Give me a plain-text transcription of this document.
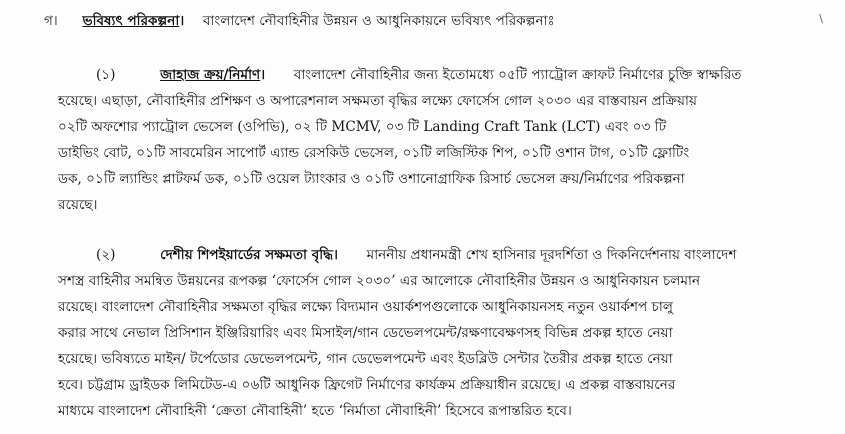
\
গ। ভবিষ্যৎ পরিকল্পনা। বাংলাদেশ নৌবাহিনীর উন্নয়ন ও আধুনিকায়নে ভবিষ্যৎ পরিকল্পনাঃ
(১)	জাহাজ ক্রয়/নির্মাণ। বাংলাদেশ নৌবাহিনীর জন্য ইতোমধ্যে ০৫টি প্যাট্রোল ক্রাফট নির্মাণের চুক্তি স্বাক্ষরিত
হয়েছে। এছাড়া, নৌবাহিনীর প্রশিক্ষণ ও অপারেশনাল সক্ষমতা বৃদ্ধির লক্ষ্যে ফোর্সেস গোল ২০৩০ এর বাস্তবায়ন প্রক্রিয়ায়
০২টি অফশোর প্যাট্রোল ভেসেল (ওপিভি), ০২ টি MCMV, ০৩ টি Landing Craft Tank (LCT) এবং ০৩ টি
ডাইভিং বোট, ০১টি সাবমেরিন সাপোর্ট এ্যান্ড রেসকিউ ভেসেল, ০১টি লজিস্টিক শিপ, ০১টি ওশান টাগ, ০১টি ফ্লোটিং
ডক, ০১টি ল্যান্ডিং প্লাটফর্ম ডক, ০১টি ওয়েল ট্যাংকার ও ০১টি ওশানোগ্রাফিক রিসার্চ ভেসেল ক্রয়/নির্মাণের পরিকল্পনা
রয়েছে।
(২)	দেশীয় শিপইয়ার্ডের সক্ষমতা বৃদ্ধি। মাননীয় প্রধানমন্ত্রী শেখ হাসিনার দূরদর্শিতা ও দিকনির্দেশনায় বাংলাদেশ
সশস্ত্র বাহিনীর সমন্বিত উন্নয়নের রূপকল্প ‘ফোর্সেস গোল ২০৩০’ এর আলোকে নৌবাহিনীর উন্নয়ন ও আধুনিকায়ন চলমান
রয়েছে। বাংলাদেশ নৌবাহিনীর সক্ষমতা বৃদ্ধির লক্ষ্যে বিদ্যমান ওয়ার্কশপগুলোকে আধুনিকায়নসহ নতুন ওয়ার্কশপ চালু
করার সাথে নেভাল প্রিসিশান ইঞ্জিরিয়ারিং এবং মিসাইল/গান ডেভেলপমেন্ট/রক্ষণাবেক্ষণসহ বিভিন্ন প্রকল্প হাতে নেয়া
হয়েছে। ভবিষ্যতে মাইন/ টর্পেডোর ডেভেলপমেন্ট, গান ডেভেলপমেন্ট এবং ইডব্লিউ সেন্টার তৈরীর প্রকল্প হাতে নেয়া
হবে। চট্টগ্রাম ড্রাইডক লিমিটেড-এ ০৬টি আধুনিক ফ্রিগেট নির্মাণের কার্যক্রম প্রক্রিয়াধীন রয়েছে। এ প্রকল্প বাস্তবায়নের
মাধ্যমে বাংলাদেশ নৌবাহিনী ‘ক্রেতা নৌবাহিনী’ হতে ‘নির্মাতা নৌবাহিনী’ হিসেবে রূপান্তরিত হবে।
